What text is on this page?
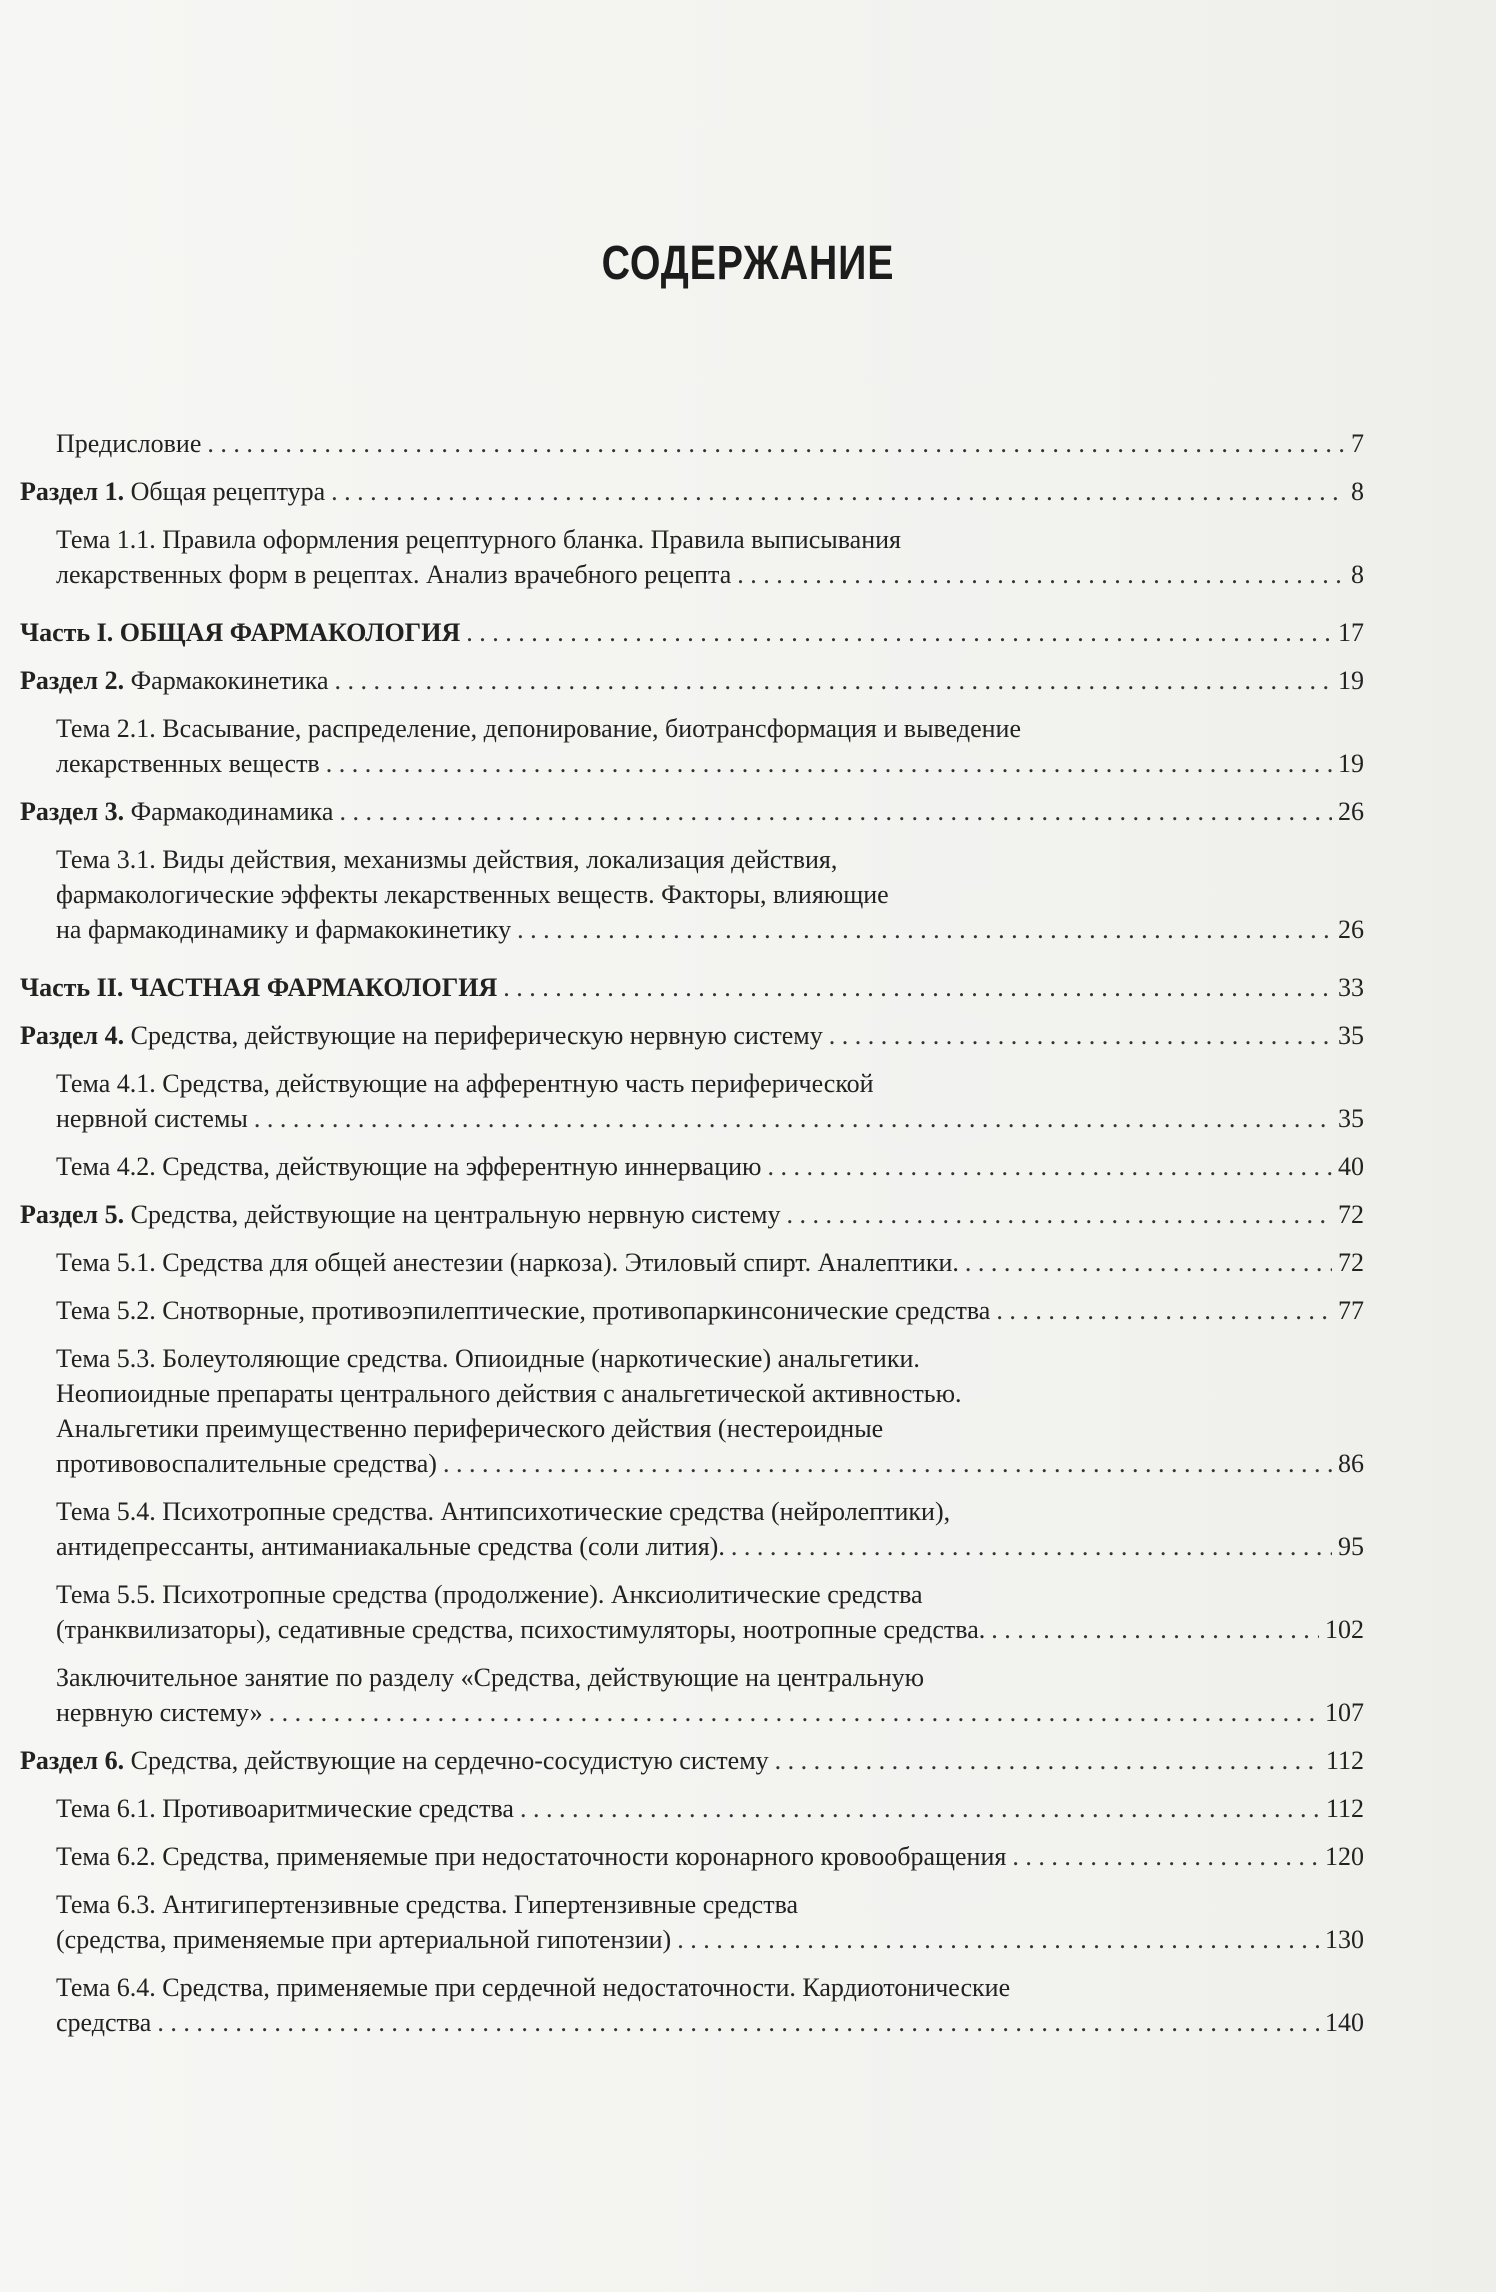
СОДЕРЖАНИЕ
Предисловие . . .	7
Раздел 1. Общая рецептура . . .	8
Тема 1.1. Правила оформления рецептурного бланка. Правила выписывания
лекарственных форм в рецептах. Анализ врачебного рецепта . . .	8
Часть I. ОБЩАЯ ФАРМАКОЛОГИЯ . . .	17
Раздел 2. Фармакокинетика . . .	19
Тема 2.1. Всасывание, распределение, депонирование, биотрансформация и выведение
лекарственных веществ . . .	19
Раздел 3. Фармакодинамика . . .	26
Тема 3.1. Виды действия, механизмы действия, локализация действия,
фармакологические эффекты лекарственных веществ. Факторы, влияющие
на фармакодинамику и фармакокинетику . . .	26
Часть II. ЧАСТНАЯ ФАРМАКОЛОГИЯ . . .	33
Раздел 4. Средства, действующие на периферическую нервную систему . . .	35
Тема 4.1. Средства, действующие на афферентную часть периферической
нервной системы . . .	35
Тема 4.2. Средства, действующие на эфферентную иннервацию . . .	40
Раздел 5. Средства, действующие на центральную нервную систему . . .	72
Тема 5.1. Средства для общей анестезии (наркоза). Этиловый спирт. Аналептики. . . .	72
Тема 5.2. Снотворные, противоэпилептические, противопаркинсонические средства . . .	77
Тема 5.3. Болеутоляющие средства. Опиоидные (наркотические) анальгетики.
Неопиоидные препараты центрального действия с анальгетической активностью.
Анальгетики преимущественно периферического действия (нестероидные
противовоспалительные средства) . . .	86
Тема 5.4. Психотропные средства. Антипсихотические средства (нейролептики),
антидепрессанты, антиманиакальные средства (соли лития). . . .	95
Тема 5.5. Психотропные средства (продолжение). Анксиолитические средства
(транквилизаторы), седативные средства, психостимуляторы, ноотропные средства. . . .	102
Заключительное занятие по разделу «Средства, действующие на центральную
нервную систему» . . .	107
Раздел 6. Средства, действующие на сердечно-сосудистую систему . . .	112
Тема 6.1. Противоаритмические средства . . .	112
Тема 6.2. Средства, применяемые при недостаточности коронарного кровообращения . . .	120
Тема 6.3. Антигипертензивные средства. Гипертензивные средства
(средства, применяемые при артериальной гипотензии) . . .	130
Тема 6.4. Средства, применяемые при сердечной недостаточности. Кардиотонические
средства . . .	140
